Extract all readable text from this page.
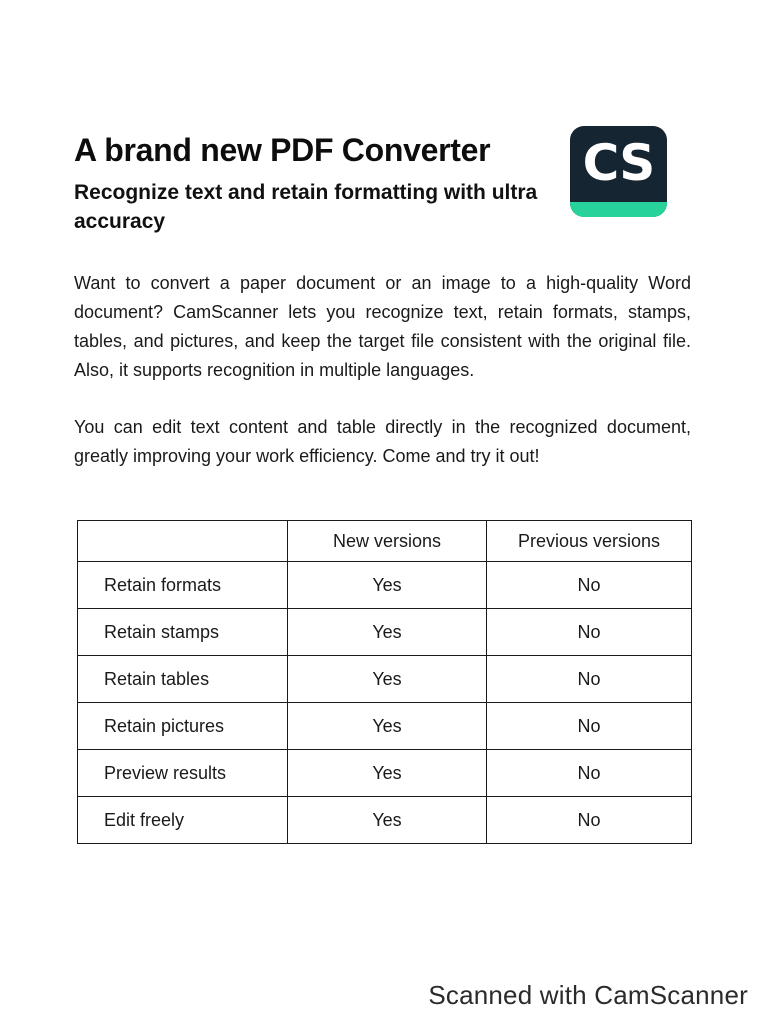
A brand new PDF Converter CS
Recognize text and retain formatting with ultra accuracy

Want to convert a paper document or an image to a high-quality Word document? CamScanner lets you recognize text, retain formats, stamps, tables, and pictures, and keep the target file consistent with the original file. Also, it supports recognition in multiple languages.

You can edit text content and table directly in the recognized document, greatly improving your work efficiency. Come and try it out!

	New versions	Previous versions
Retain formats	Yes	No
Retain stamps	Yes	No
Retain tables	Yes	No
Retain pictures	Yes	No
Preview results	Yes	No
Edit freely	Yes	No
Scanned with CamScanner
